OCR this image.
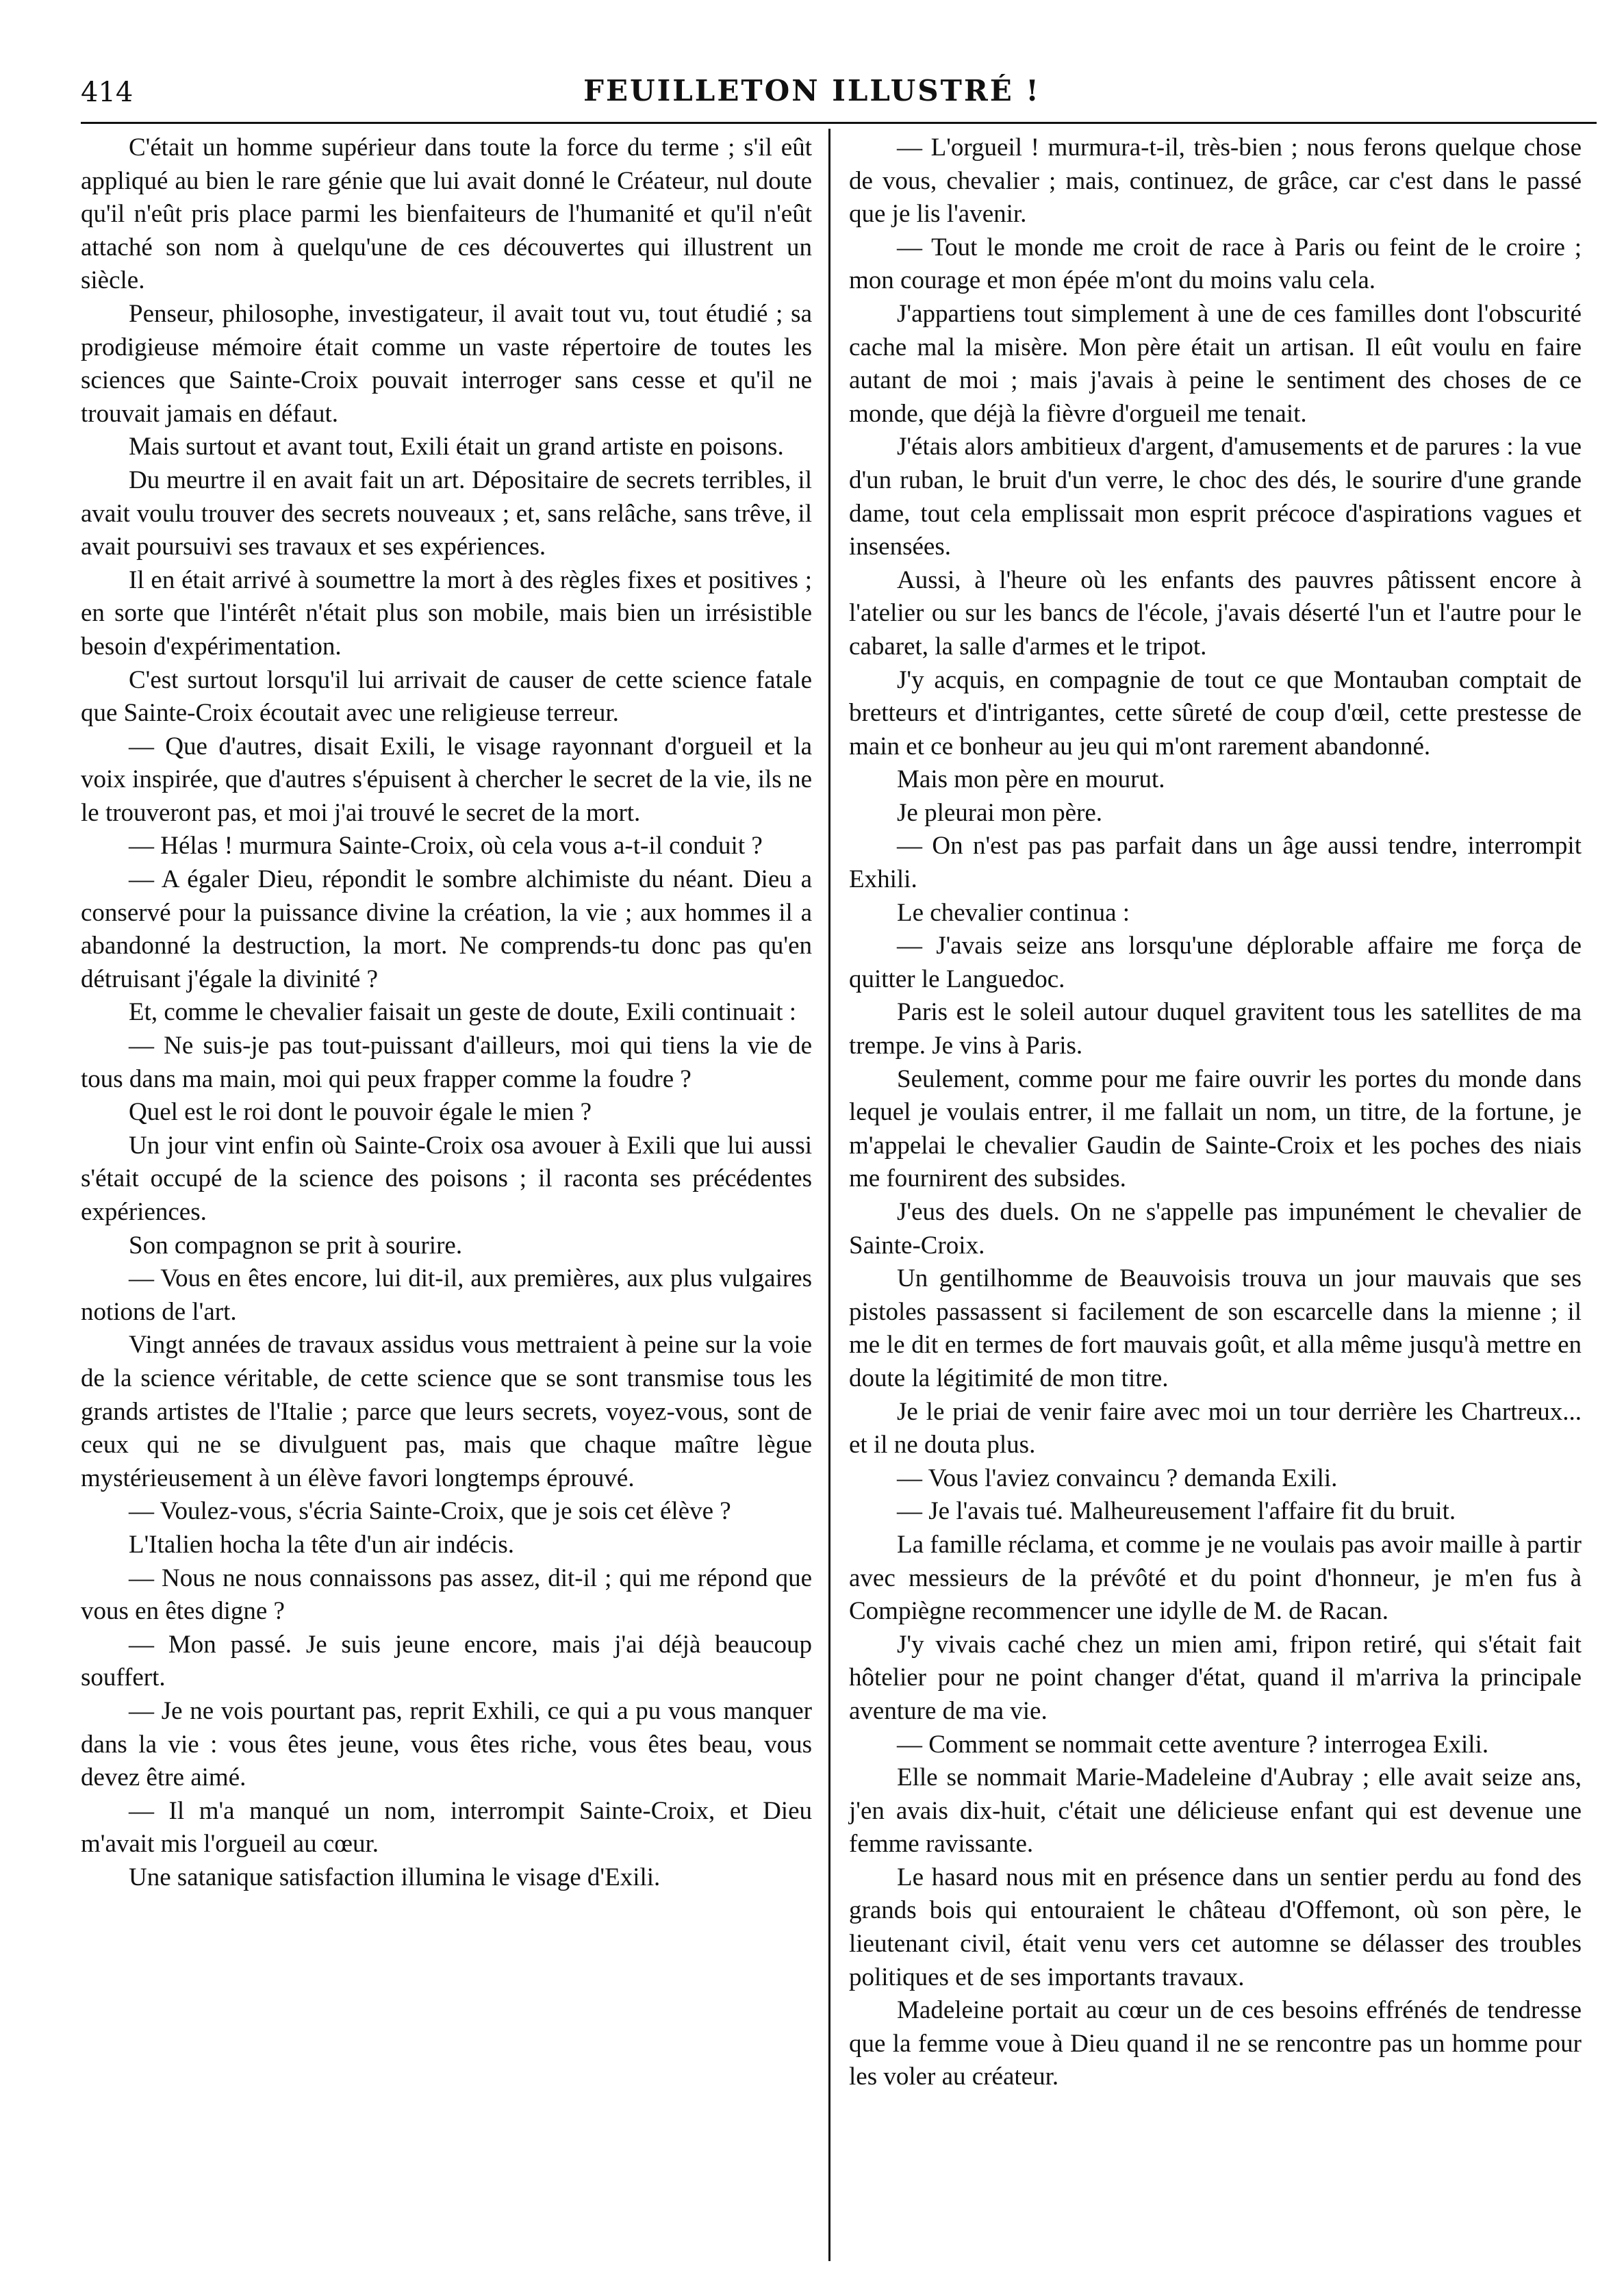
414	FEUILLETON ILLUSTRÉ !

C'était un homme supérieur dans toute la force du terme ; s'il eût appliqué au bien le rare génie que lui avait donné le Créateur, nul doute qu'il n'eût pris place parmi les bienfaiteurs de l'humanité et qu'il n'eût attaché son nom à quelqu'une de ces découvertes qui illustrent un siècle.

Penseur, philosophe, investigateur, il avait tout vu, tout étudié ; sa prodigieuse mémoire était comme un vaste répertoire de toutes les sciences que Sainte-Croix pouvait interroger sans cesse et qu'il ne trouvait jamais en défaut.

Mais surtout et avant tout, Exili était un grand artiste en poisons.

Du meurtre il en avait fait un art. Dépositaire de secrets terribles, il avait voulu trouver des secrets nouveaux ; et, sans relâche, sans trêve, il avait poursuivi ses travaux et ses expériences.

Il en était arrivé à soumettre la mort à des règles fixes et positives ; en sorte que l'intérêt n'était plus son mobile, mais bien un irrésistible besoin d'expérimentation.

C'est surtout lorsqu'il lui arrivait de causer de cette science fatale que Sainte-Croix écoutait avec une religieuse terreur.

— Que d'autres, disait Exili, le visage rayonnant d'orgueil et la voix inspirée, que d'autres s'épuisent à chercher le secret de la vie, ils ne le trouveront pas, et moi j'ai trouvé le secret de la mort.

— Hélas ! murmura Sainte-Croix, où cela vous a-t-il conduit ?

— A égaler Dieu, répondit le sombre alchimiste du néant. Dieu a conservé pour la puissance divine la création, la vie ; aux hommes il a abandonné la destruction, la mort. Ne comprends-tu donc pas qu'en détruisant j'égale la divinité ?

Et, comme le chevalier faisait un geste de doute, Exili continuait :

— Ne suis-je pas tout-puissant d'ailleurs, moi qui tiens la vie de tous dans ma main, moi qui peux frapper comme la foudre ?

Quel est le roi dont le pouvoir égale le mien ?

Un jour vint enfin où Sainte-Croix osa avouer à Exili que lui aussi s'était occupé de la science des poisons ; il raconta ses précédentes expériences.

Son compagnon se prit à sourire.

— Vous en êtes encore, lui dit-il, aux premières, aux plus vulgaires notions de l'art.

Vingt années de travaux assidus vous mettraient à peine sur la voie de la science véritable, de cette science que se sont transmise tous les grands artistes de l'Italie ; parce que leurs secrets, voyez-vous, sont de ceux qui ne se divulguent pas, mais que chaque maître lègue mystérieusement à un élève favori longtemps éprouvé.

— Voulez-vous, s'écria Sainte-Croix, que je sois cet élève ?

L'Italien hocha la tête d'un air indécis.

— Nous ne nous connaissons pas assez, dit-il ; qui me répond que vous en êtes digne ?

— Mon passé. Je suis jeune encore, mais j'ai déjà beaucoup souffert.

— Je ne vois pourtant pas, reprit Exhili, ce qui a pu vous manquer dans la vie : vous êtes jeune, vous êtes riche, vous êtes beau, vous devez être aimé.

— Il m'a manqué un nom, interrompit Sainte-Croix, et Dieu m'avait mis l'orgueil au cœur.

Une satanique satisfaction illumina le visage d'Exili.

— L'orgueil ! murmura-t-il, très-bien ; nous ferons quelque chose de vous, chevalier ; mais, continuez, de grâce, car c'est dans le passé que je lis l'avenir.

— Tout le monde me croit de race à Paris ou feint de le croire ; mon courage et mon épée m'ont du moins valu cela.

J'appartiens tout simplement à une de ces familles dont l'obscurité cache mal la misère. Mon père était un artisan. Il eût voulu en faire autant de moi ; mais j'avais à peine le sentiment des choses de ce monde, que déjà la fièvre d'orgueil me tenait.

J'étais alors ambitieux d'argent, d'amusements et de parures : la vue d'un ruban, le bruit d'un verre, le choc des dés, le sourire d'une grande dame, tout cela emplissait mon esprit précoce d'aspirations vagues et insensées.

Aussi, à l'heure où les enfants des pauvres pâtissent encore à l'atelier ou sur les bancs de l'école, j'avais déserté l'un et l'autre pour le cabaret, la salle d'armes et le tripot.

J'y acquis, en compagnie de tout ce que Montauban comptait de bretteurs et d'intrigantes, cette sûreté de coup d'œil, cette prestesse de main et ce bonheur au jeu qui m'ont rarement abandonné.

Mais mon père en mourut.

Je pleurai mon père.

— On n'est pas pas parfait dans un âge aussi tendre, interrompit Exhili.

Le chevalier continua :

— J'avais seize ans lorsqu'une déplorable affaire me força de quitter le Languedoc.

Paris est le soleil autour duquel gravitent tous les satellites de ma trempe. Je vins à Paris.

Seulement, comme pour me faire ouvrir les portes du monde dans lequel je voulais entrer, il me fallait un nom, un titre, de la fortune, je m'appelai le chevalier Gaudin de Sainte-Croix et les poches des niais me fournirent des subsides.

J'eus des duels. On ne s'appelle pas impunément le chevalier de Sainte-Croix.

Un gentilhomme de Beauvoisis trouva un jour mauvais que ses pistoles passassent si facilement de son escarcelle dans la mienne ; il me le dit en termes de fort mauvais goût, et alla même jusqu'à mettre en doute la légitimité de mon titre.

Je le priai de venir faire avec moi un tour derrière les Chartreux... et il ne douta plus.

— Vous l'aviez convaincu ? demanda Exili.

— Je l'avais tué. Malheureusement l'affaire fit du bruit.

La famille réclama, et comme je ne voulais pas avoir maille à partir avec messieurs de la prévôté et du point d'honneur, je m'en fus à Compiègne recommencer une idylle de M. de Racan.

J'y vivais caché chez un mien ami, fripon retiré, qui s'était fait hôtelier pour ne point changer d'état, quand il m'arriva la principale aventure de ma vie.

— Comment se nommait cette aventure ? interrogea Exili.

Elle se nommait Marie-Madeleine d'Aubray ; elle avait seize ans, j'en avais dix-huit, c'était une délicieuse enfant qui est devenue une femme ravissante.

Le hasard nous mit en présence dans un sentier perdu au fond des grands bois qui entouraient le château d'Offemont, où son père, le lieutenant civil, était venu vers cet automne se délasser des troubles politiques et de ses importants travaux.

Madeleine portait au cœur un de ces besoins effrénés de tendresse que la femme voue à Dieu quand il ne se rencontre pas un homme pour les voler au créateur.
